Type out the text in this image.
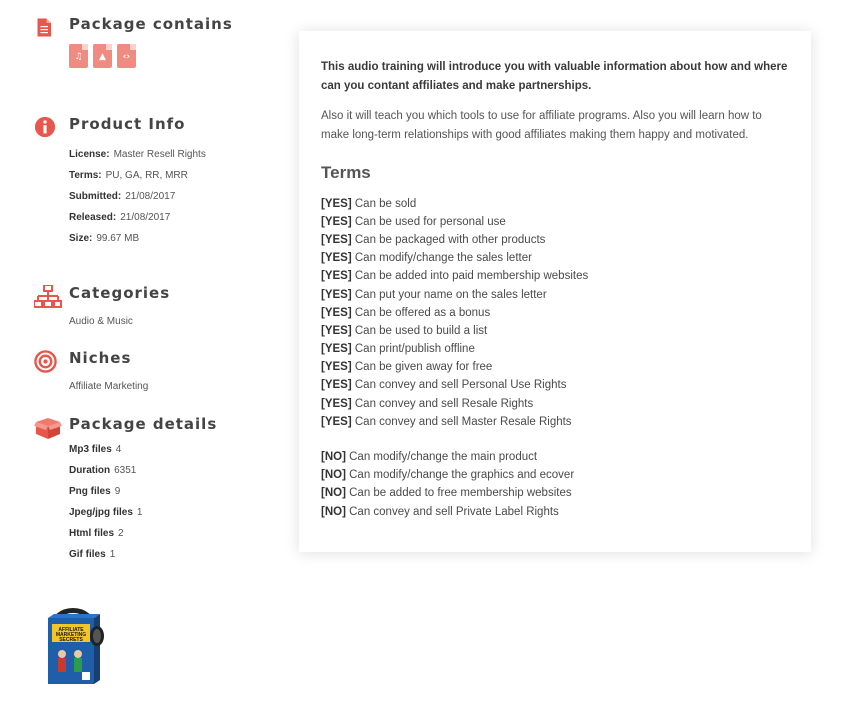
Package contains
♫	▲	‹›
Product Info
License: Master Resell Rights
Terms: PU, GA, RR, MRR
Submitted: 21/08/2017
Released: 21/08/2017
Size: 99.67 MB
Categories
Audio & Music
Niches
Affiliate Marketing
Package details
Mp3 files 4
Duration 6351
Png files 9
Jpeg/jpg files 1
Html files 2
Gif files 1
AFFILIATE
MARKETING
SECRETS
This audio training will introduce you with valuable information about how and where can you contant affiliates and make partnerships.
Also it will teach you which tools to use for affiliate programs. Also you will learn how to make long-term relationships with good affiliates making them happy and motivated.
Terms
[YES] Can be sold
[YES] Can be used for personal use
[YES] Can be packaged with other products
[YES] Can modify/change the sales letter
[YES] Can be added into paid membership websites
[YES] Can put your name on the sales letter
[YES] Can be offered as a bonus
[YES] Can be used to build a list
[YES] Can print/publish offline
[YES] Can be given away for free
[YES] Can convey and sell Personal Use Rights
[YES] Can convey and sell Resale Rights
[YES] Can convey and sell Master Resale Rights
[NO] Can modify/change the main product
[NO] Can modify/change the graphics and ecover
[NO] Can be added to free membership websites
[NO] Can convey and sell Private Label Rights
